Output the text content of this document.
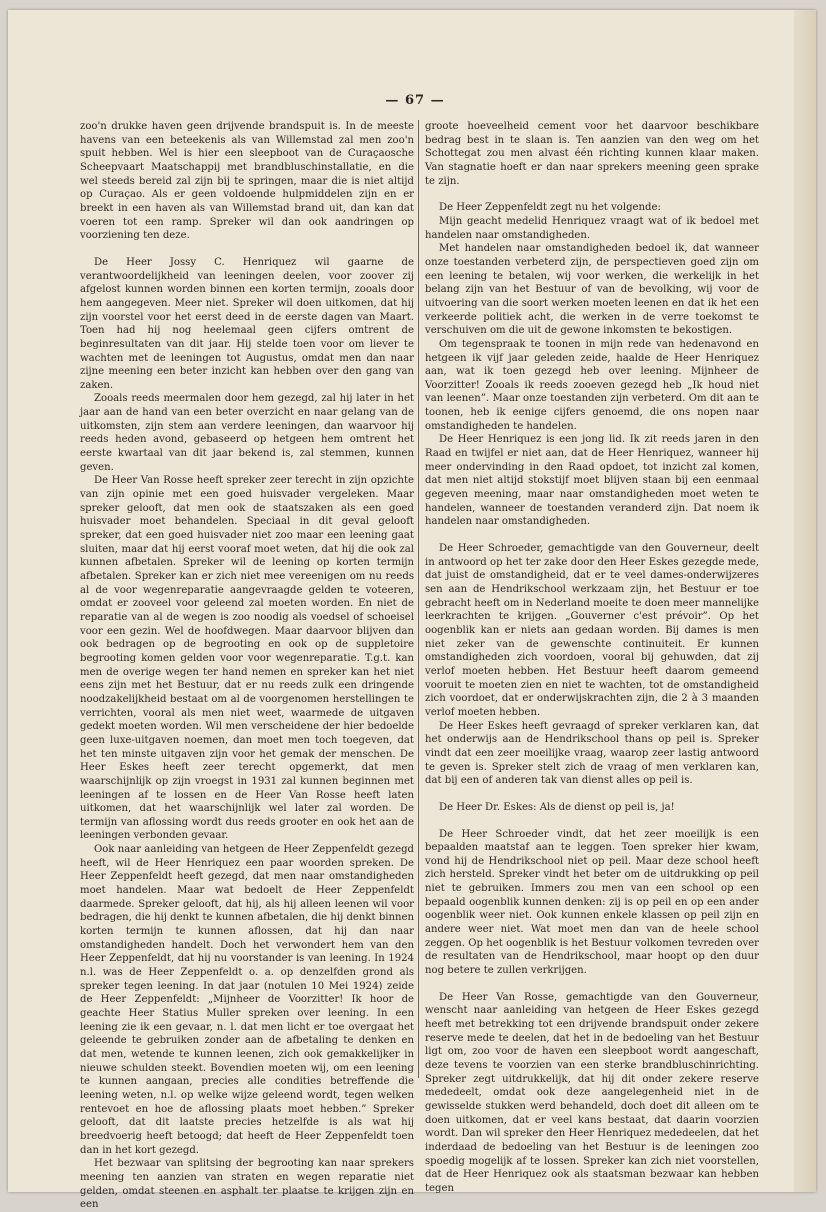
— 67 —

zoo'n drukke haven geen drijvende brandspuit is. In de meeste havens van een beteekenis als van Willemstad zal men zoo'n spuit hebben. Wel is hier een sleepboot van de Curaçaosche Scheepvaart Maatschappij met brandbluschinstallatie, en die wel steeds bereid zal zijn bij te springen, maar die is niet altijd op Curaçao. Als er geen voldoende hulpmiddelen zijn en er breekt in een haven als van Willemstad brand uit, dan kan dat voeren tot een ramp. Spreker wil dan ook aandringen op voorziening ten deze.

De Heer Jossy C. Henriquez wil gaarne de verantwoordelijkheid van leeningen deelen, voor zoover zij afgelost kunnen worden binnen een korten termijn, zooals door hem aangegeven. Meer niet. Spreker wil doen uitkomen, dat hij zijn voorstel voor het eerst deed in de eerste dagen van Maart. Toen had hij nog heelemaal geen cijfers omtrent de beginresultaten van dit jaar. Hij stelde toen voor om liever te wachten met de leeningen tot Augustus, omdat men dan naar zijne meening een beter inzicht kan hebben over den gang van zaken.

Zooals reeds meermalen door hem gezegd, zal hij later in het jaar aan de hand van een beter overzicht en naar gelang van de uitkomsten, zijn stem aan verdere leeningen, dan waarvoor hij reeds heden avond, gebaseerd op hetgeen hem omtrent het eerste kwartaal van dit jaar bekend is, zal stemmen, kunnen geven.

De Heer Van Rosse heeft spreker zeer terecht in zijn opzichte van zijn opinie met een goed huisvader vergeleken. Maar spreker gelooft, dat men ook de staatszaken als een goed huisvader moet behandelen. Speciaal in dit geval gelooft spreker, dat een goed huisvader niet zoo maar een leening gaat sluiten, maar dat hij eerst vooraf moet weten, dat hij die ook zal kunnen afbetalen. Spreker wil de leening op korten termijn afbetalen. Spreker kan er zich niet mee vereenigen om nu reeds al de voor wegenreparatie aangevraagde gelden te voteeren, omdat er zooveel voor geleend zal moeten worden. En niet de reparatie van al de wegen is zoo noodig als voedsel of schoeisel voor een gezin. Wel de hoofdwegen. Maar daarvoor blijven dan ook bedragen op de begrooting en ook op de suppletoire begrooting komen gelden voor voor wegenreparatie. T.g.t. kan men de overige wegen ter hand nemen en spreker kan het niet eens zijn met het Bestuur, dat er nu reeds zulk een dringende noodzakelijkheid bestaat om al de voorgenomen herstellingen te verrichten, vooral als men niet weet, waarmede de uitgaven gedekt moeten worden. Wil men verscheidene der hier bedoelde geen luxe-uitgaven noemen, dan moet men toch toegeven, dat het ten minste uitgaven zijn voor het gemak der menschen. De Heer Eskes heeft zeer terecht opgemerkt, dat men waarschijnlijk op zijn vroegst in 1931 zal kunnen beginnen met leeningen af te lossen en de Heer Van Rosse heeft laten uitkomen, dat het waarschijnlijk wel later zal worden. De termijn van aflossing wordt dus reeds grooter en ook het aan de leeningen verbonden gevaar.

Ook naar aanleiding van hetgeen de Heer Zeppenfeldt gezegd heeft, wil de Heer Henriquez een paar woorden spreken. De Heer Zeppenfeldt heeft gezegd, dat men naar omstandigheden moet handelen. Maar wat bedoelt de Heer Zeppenfeldt daarmede. Spreker gelooft, dat hij, als hij alleen leenen wil voor bedragen, die hij denkt te kunnen afbetalen, die hij denkt binnen korten termijn te kunnen aflossen, dat hij dan naar omstandigheden handelt. Doch het verwondert hem van den Heer Zeppenfeldt, dat hij nu voorstander is van leening. In 1924 n.l. was de Heer Zeppenfeldt o. a. op denzelfden grond als spreker tegen leening. In dat jaar (notulen 10 Mei 1924) zeide de Heer Zeppenfeldt: „Mijnheer de Voorzitter! Ik hoor de geachte Heer Statius Muller spreken over leening. In een leening zie ik een gevaar, n. l. dat men licht er toe overgaat het geleende te gebruiken zonder aan de afbetaling te denken en dat men, wetende te kunnen leenen, zich ook gemakkelijker in nieuwe schulden steekt. Bovendien moeten wij, om een leening te kunnen aangaan, precies alle condities betreffende die leening weten, n.l. op welke wijze geleend wordt, tegen welken rentevoet en hoe de aflossing plaats moet hebben.” Spreker gelooft, dat dit laatste precies hetzelfde is als wat hij breedvoerig heeft betoogd; dat heeft de Heer Zeppenfeldt toen dan in het kort gezegd.

Het bezwaar van splitsing der begrooting kan naar sprekers meening ten aanzien van straten en wegen reparatie niet gelden, omdat steenen en asphalt ter plaatse te krijgen zijn en een

groote hoeveelheid cement voor het daarvoor beschikbare bedrag best in te slaan is. Ten aanzien van den weg om het Schottegat zou men alvast één richting kunnen klaar maken. Van stagnatie hoeft er dan naar sprekers meening geen sprake te zijn.

De Heer Zeppenfeldt zegt nu het volgende:

Mijn geacht medelid Henriquez vraagt wat of ik bedoel met handelen naar omstandigheden.

Met handelen naar omstandigheden bedoel ik, dat wanneer onze toestanden verbeterd zijn, de perspectieven goed zijn om een leening te betalen, wij voor werken, die werkelijk in het belang zijn van het Bestuur of van de bevolking, wij voor de uitvoering van die soort werken moeten leenen en dat ik het een verkeerde politiek acht, die werken in de verre toekomst te verschuiven om die uit de gewone inkomsten te bekostigen.

Om tegenspraak te toonen in mijn rede van hedenavond en hetgeen ik vijf jaar geleden zeide, haalde de Heer Henriquez aan, wat ik toen gezegd heb over leening. Mijnheer de Voorzitter! Zooals ik reeds zooeven gezegd heb „Ik houd niet van leenen”. Maar onze toestanden zijn verbeterd. Om dit aan te toonen, heb ik eenige cijfers genoemd, die ons nopen naar omstandigheden te handelen.

De Heer Henriquez is een jong lid. Ik zit reeds jaren in den Raad en twijfel er niet aan, dat de Heer Henriquez, wanneer hij meer ondervinding in den Raad opdoet, tot inzicht zal komen, dat men niet altijd stokstijf moet blijven staan bij een eenmaal gegeven meening, maar naar omstandigheden moet weten te handelen, wanneer de toestanden veranderd zijn. Dat noem ik handelen naar omstandigheden.

De Heer Schroeder, gemachtigde van den Gouverneur, deelt in antwoord op het ter zake door den Heer Eskes gezegde mede, dat juist de omstandigheid, dat er te veel dames-onderwijzeres sen aan de Hendrikschool werkzaam zijn, het Bestuur er toe gebracht heeft om in Nederland moeite te doen meer mannelijke leerkrachten te krijgen. „Gouverner c'est prévoir”. Op het oogenblik kan er niets aan gedaan worden. Bij dames is men niet zeker van de gewenschte continuiteit. Er kunnen omstandigheden zich voordoen, vooral bij gehuwden, dat zij verlof moeten hebben. Het Bestuur heeft daarom gemeend vooruit te moeten zien en niet te wachten, tot de omstandigheid zich voordoet, dat er onderwijskrachten zijn, die 2 à 3 maanden verlof moeten hebben.

De Heer Eskes heeft gevraagd of spreker verklaren kan, dat het onderwijs aan de Hendrikschool thans op peil is. Spreker vindt dat een zeer moeilijke vraag, waarop zeer lastig antwoord te geven is. Spreker stelt zich de vraag of men verklaren kan, dat bij een of anderen tak van dienst alles op peil is.

De Heer Dr. Eskes: Als de dienst op peil is, ja!

De Heer Schroeder vindt, dat het zeer moeilijk is een bepaalden maatstaf aan te leggen. Toen spreker hier kwam, vond hij de Hendrikschool niet op peil. Maar deze school heeft zich hersteld. Spreker vindt het beter om de uitdrukking op peil niet te gebruiken. Immers zou men van een school op een bepaald oogenblik kunnen denken: zij is op peil en op een ander oogenblik weer niet. Ook kunnen enkele klassen op peil zijn en andere weer niet. Wat moet men dan van de heele school zeggen. Op het oogenblik is het Bestuur volkomen tevreden over de resultaten van de Hendrikschool, maar hoopt op den duur nog betere te zullen verkrijgen.

De Heer Van Rosse, gemachtigde van den Gouverneur, wenscht naar aanleiding van hetgeen de Heer Eskes gezegd heeft met betrekking tot een drijvende brandspuit onder zekere reserve mede te deelen, dat het in de bedoeling van het Bestuur ligt om, zoo voor de haven een sleepboot wordt aangeschaft, deze tevens te voorzien van een sterke brandbluschinrichting. Spreker zegt uitdrukkelijk, dat hij dit onder zekere reserve mededeelt, omdat ook deze aangelegenheid niet in de gewisselde stukken werd behandeld, doch doet dit alleen om te doen uitkomen, dat er veel kans bestaat, dat daarin voorzien wordt. Dan wil spreker den Heer Henriquez mededeelen, dat het inderdaad de bedoeling van het Bestuur is de leeningen zoo spoedig mogelijk af te lossen. Spreker kan zich niet voorstellen, dat de Heer Henriquez ook als staatsman bezwaar kan hebben tegen
